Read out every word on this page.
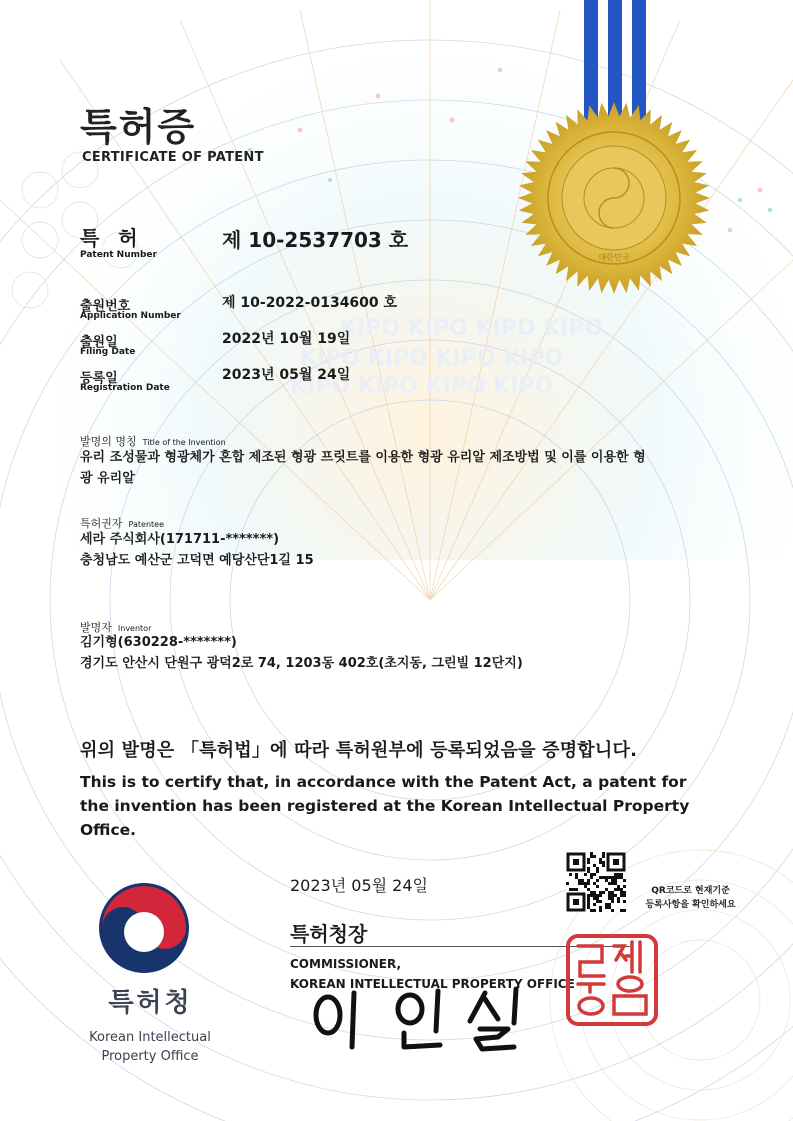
KIPO KIPO KIPO KIPO
KIPO KIPO KIPO KIPO
KIPO KIPO KIPO KIPO
대한민국
특허증
CERTIFICATE OF PATENT
특 허
Patent Number
제 10-2537703 호
출원번호
Application Number
제 10-2022-0134600 호
출원일
Filing Date
2022년 10월 19일
등록일
Registration Date
2023년 05월 24일
발명의 명칭 Title of the Invention
유리 조성물과 형광체가 혼합 제조된 형광 프릿트를 이용한 형광 유리알 제조방법 및 이를 이용한 형
광 유리알
특허권자 Patentee
세라 주식회사(171711-*******)
충청남도 예산군 고덕면 예당산단1길 15
발명자 Inventor
김기형(630228-*******)
경기도 안산시 단원구 광덕2로 74, 1203동 402호(초지동, 그린빌 12단지)
위의 발명은 「특허법」에 따라 특허원부에 등록되었음을 증명합니다.
This is to certify that, in accordance with the Patent Act, a patent for the invention has been registered at the Korean Intellectual Property Office.
2023년 05월 24일	QR코드로 현재기준
등록사항을 확인하세요
특허청장
COMMISSIONER,
KOREAN INTELLECTUAL PROPERTY OFFICE
특허청장인
특허청
Korean Intellectual
Property Office
